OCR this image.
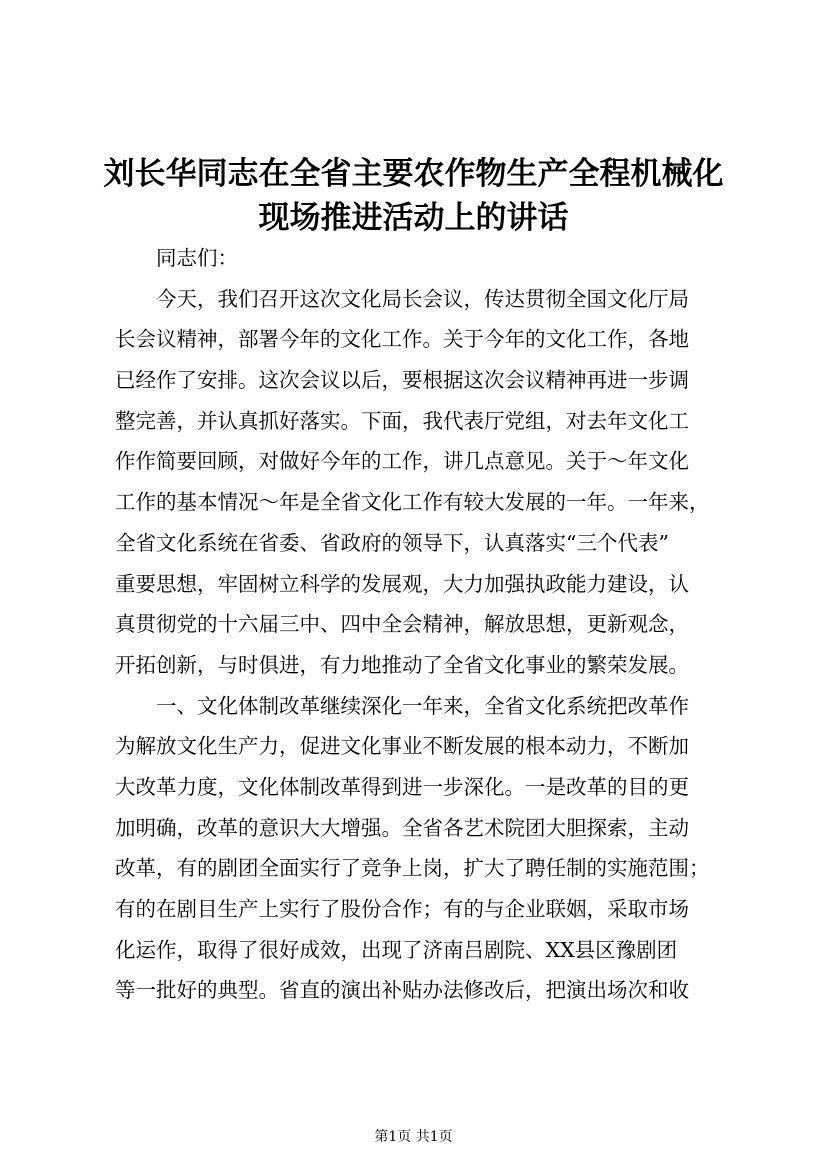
刘长华同志在全省主要农作物生产全程机械化
现场推进活动上的讲话
同志们：
今天，我们召开这次文化局长会议，传达贯彻全国文化厅局
长会议精神，部署今年的文化工作。关于今年的文化工作，各地
已经作了安排。这次会议以后，要根据这次会议精神再进一步调
整完善，并认真抓好落实。下面，我代表厅党组，对去年文化工
作作简要回顾，对做好今年的工作，讲几点意见。关于～年文化
工作的基本情况～年是全省文化工作有较大发展的一年。一年来，
全省文化系统在省委、省政府的领导下，认真落实“三个代表”
重要思想，牢固树立科学的发展观，大力加强执政能力建设，认
真贯彻党的十六届三中、四中全会精神，解放思想，更新观念，
开拓创新，与时俱进，有力地推动了全省文化事业的繁荣发展。
一、文化体制改革继续深化一年来，全省文化系统把改革作
为解放文化生产力，促进文化事业不断发展的根本动力，不断加
大改革力度，文化体制改革得到进一步深化。一是改革的目的更
加明确，改革的意识大大增强。全省各艺术院团大胆探索，主动
改革，有的剧团全面实行了竞争上岗，扩大了聘任制的实施范围；
有的在剧目生产上实行了股份合作；有的与企业联姻，采取市场
化运作，取得了很好成效，出现了济南吕剧院、XX县区豫剧团
等一批好的典型。省直的演出补贴办法修改后，把演出场次和收
第1页 共1页
